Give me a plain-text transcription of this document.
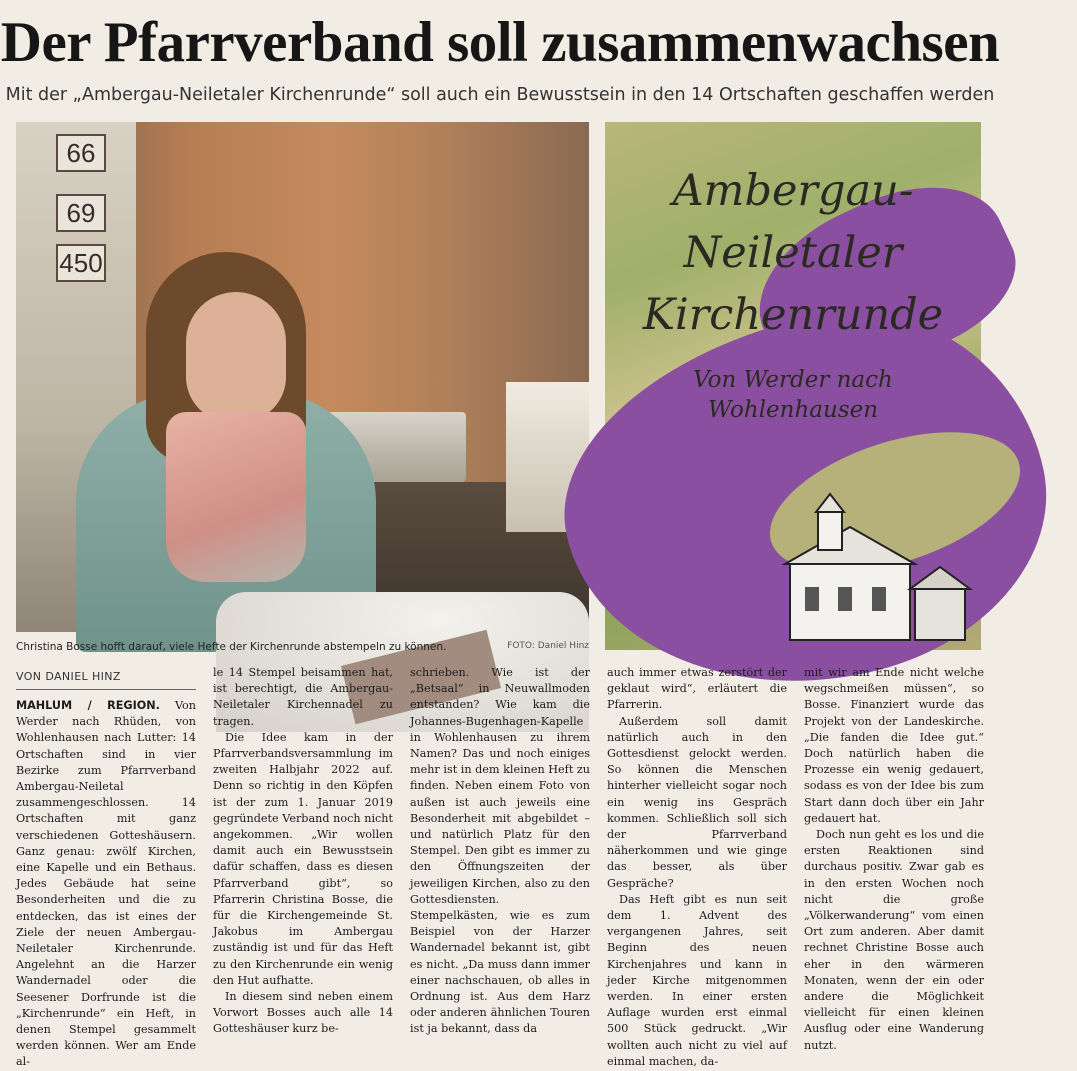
Der Pfarrverband soll zusammenwachsen
Mit der „Ambergau-Neiletaler Kirchenrunde“ soll auch ein Bewusstsein in den 14 Ortschaften geschaffen werden
66
69
450
Ambergau-
Neiletaler
Kirchenrunde
Von Werder nach
Wohlenhausen
Christina Bosse hofft darauf, viele Hefte der Kirchenrunde abstempeln zu können.	FOTO: Daniel Hinz
VON DANIEL HINZ

MAHLUM / REGION. Von Werder nach Rhüden, von Wohlenhausen nach Lutter: 14 Ortschaften sind in vier Bezirke zum Pfarrverband Ambergau-Neiletal zusammengeschlossen. 14 Ortschaften mit ganz verschiedenen Gotteshäusern. Ganz genau: zwölf Kirchen, eine Kapelle und ein Bethaus. Jedes Gebäude hat seine Besonderheiten und die zu entdecken, das ist eines der Ziele der neuen Ambergau-Neiletaler Kirchenrunde. Angelehnt an die Harzer Wandernadel oder die Seesener Dorfrunde ist die „Kirchenrunde“ ein Heft, in denen Stempel gesammelt werden können. Wer am Ende al-

le 14 Stempel beisammen hat, ist berechtigt, die Ambergau-Neiletaler Kirchennadel zu tragen.

Die Idee kam in der Pfarrverbandsversammlung im zweiten Halbjahr 2022 auf. Denn so richtig in den Köpfen ist der zum 1. Januar 2019 gegründete Verband noch nicht angekommen. „Wir wollen damit auch ein Bewusstsein dafür schaffen, dass es diesen Pfarrverband gibt“, so Pfarrerin Christina Bosse, die für die Kirchengemeinde St. Jakobus im Ambergau zuständig ist und für das Heft zu den Kirchenrunde ein wenig den Hut aufhatte.

In diesem sind neben einem Vorwort Bosses auch alle 14 Gotteshäuser kurz be-

schrieben. Wie ist der „Betsaal“ in Neuwallmoden entstanden? Wie kam die Johannes-Bugenhagen-Kapelle in Wohlenhausen zu ihrem Namen? Das und noch einiges mehr ist in dem kleinen Heft zu finden. Neben einem Foto von außen ist auch jeweils eine Besonderheit mit abgebildet – und natürlich Platz für den Stempel. Den gibt es immer zu den Öffnungszeiten der jeweiligen Kirchen, also zu den Gottesdiensten. Stempelkästen, wie es zum Beispiel von der Harzer Wandernadel bekannt ist, gibt es nicht. „Da muss dann immer einer nachschauen, ob alles in Ordnung ist. Aus dem Harz oder anderen ähnlichen Touren ist ja bekannt, dass da

auch immer etwas zerstört der geklaut wird“, erläutert die Pfarrerin.

Außerdem soll damit natürlich auch in den Gottesdienst gelockt werden. So können die Menschen hinterher vielleicht sogar noch ein wenig ins Gespräch kommen. Schließlich soll sich der Pfarrverband näherkommen und wie ginge das besser, als über Gespräche?

Das Heft gibt es nun seit dem 1. Advent des vergangenen Jahres, seit Beginn des neuen Kirchenjahres und kann in jeder Kirche mitgenommen werden. In einer ersten Auflage wurden erst einmal 500 Stück gedruckt. „Wir wollten auch nicht zu viel auf einmal machen, da-

mit wir am Ende nicht welche wegschmeißen müssen“, so Bosse. Finanziert wurde das Projekt von der Landeskirche. „Die fanden die Idee gut.“ Doch natürlich haben die Prozesse ein wenig gedauert, sodass es von der Idee bis zum Start dann doch über ein Jahr gedauert hat.

Doch nun geht es los und die ersten Reaktionen sind durchaus positiv. Zwar gab es in den ersten Wochen noch nicht die große „Völkerwanderung“ vom einen Ort zum anderen. Aber damit rechnet Christine Bosse auch eher in den wärmeren Monaten, wenn der ein oder andere die Möglichkeit vielleicht für einen kleinen Ausflug oder eine Wanderung nutzt.
